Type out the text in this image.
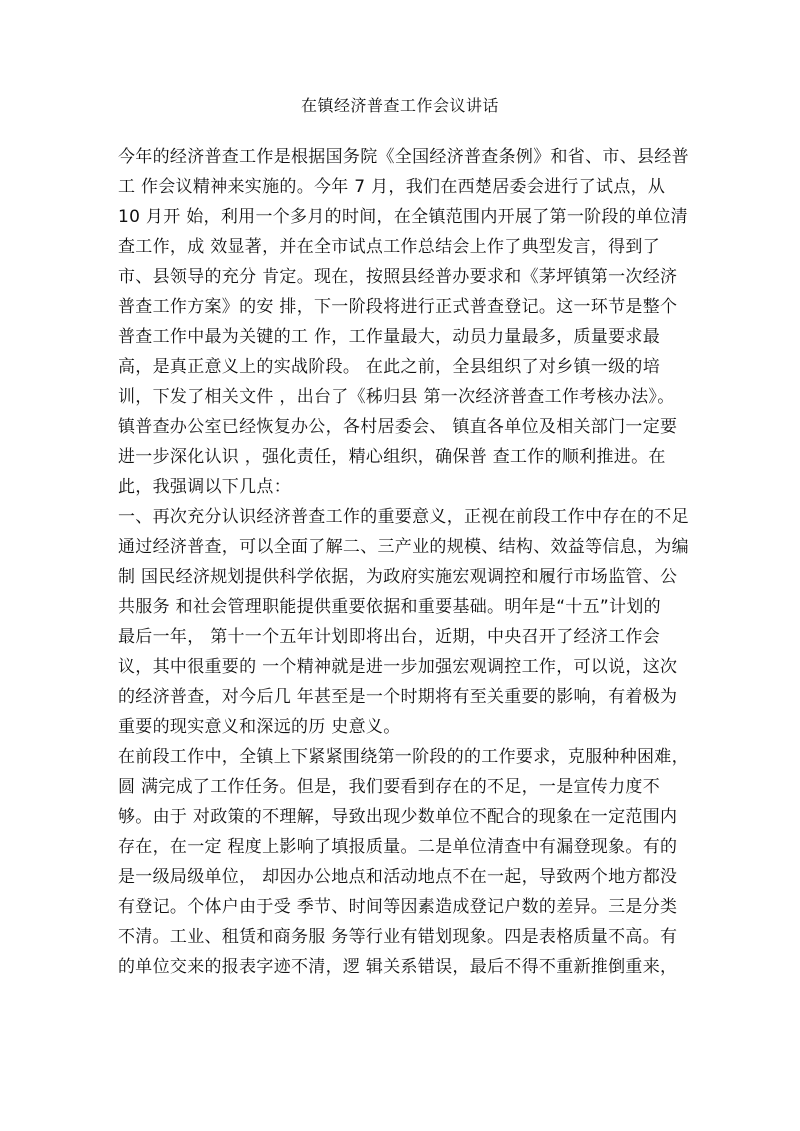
在镇经济普查工作会议讲话
今年的经济普查工作是根据国务院《全国经济普查条例》和省、市、县经普
工 作会议精神来实施的。今年 7 月，我们在西楚居委会进行了试点，从
10 月开 始，利用一个多月的时间，在全镇范围内开展了第一阶段的单位清
查工作，成 效显著，并在全市试点工作总结会上作了典型发言，得到了
市、县领导的充分 肯定。现在，按照县经普办要求和《茅坪镇第一次经济
普查工作方案》的安 排，下一阶段将进行正式普查登记。这一环节是整个
普查工作中最为关键的工 作，工作量最大，动员力量最多，质量要求最
高，是真正意义上的实战阶段。 在此之前，全县组织了对乡镇一级的培
训，下发了相关文件 ，出台了《秭归县 第一次经济普查工作考核办法》。
镇普查办公室已经恢复办公，各村居委会、 镇直各单位及相关部门一定要
进一步深化认识 ，强化责任，精心组织，确保普 查工作的顺利推进。在
此，我强调以下几点：
一、再次充分认识经济普查工作的重要意义，正视在前段工作中存在的不足
通过经济普查，可以全面了解二、三产业的规模、结构、效益等信息，为编
制 国民经济规划提供科学依据，为政府实施宏观调控和履行市场监管、公
共服务 和社会管理职能提供重要依据和重要基础。明年是“十五”计划的
最后一年， 第十一个五年计划即将出台，近期，中央召开了经济工作会
议，其中很重要的 一个精神就是进一步加强宏观调控工作，可以说，这次
的经济普查，对今后几 年甚至是一个时期将有至关重要的影响，有着极为
重要的现实意义和深远的历 史意义。
在前段工作中，全镇上下紧紧围绕第一阶段的的工作要求，克服种种困难，
圆 满完成了工作任务。但是，我们要看到存在的不足，一是宣传力度不
够。由于 对政策的不理解，导致出现少数单位不配合的现象在一定范围内
存在，在一定 程度上影响了填报质量。二是单位清查中有漏登现象。有的
是一级局级单位， 却因办公地点和活动地点不在一起，导致两个地方都没
有登记。个体户由于受 季节、时间等因素造成登记户数的差异。三是分类
不清。工业、租赁和商务服 务等行业有错划现象。四是表格质量不高。有
的单位交来的报表字迹不清，逻 辑关系错误，最后不得不重新推倒重来，
